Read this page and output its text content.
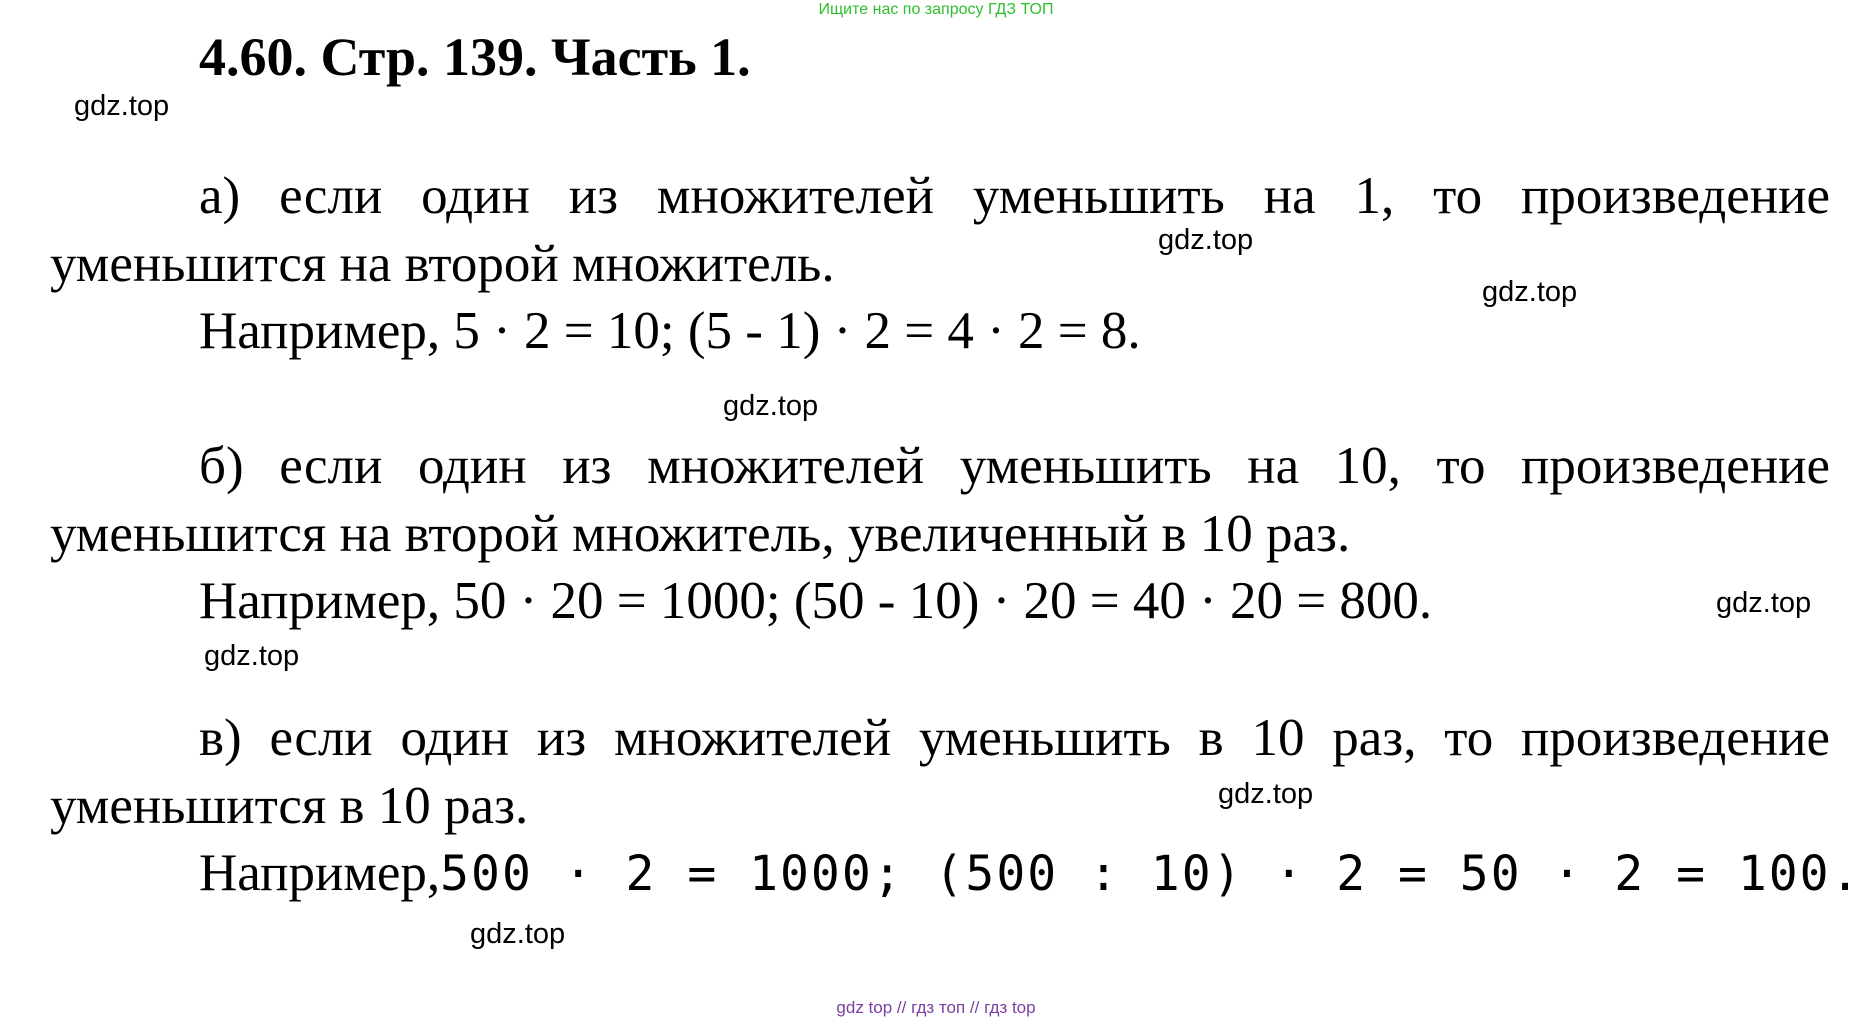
Ищите нас по запросу ГДЗ ТОП
4.60. Стр. 139. Часть 1.
gdz.top
а) если один из множителей уменьшить на 1, то произведение
уменьшится на второй множитель.	gdz.top
gdz.top
Например, 5 · 2 = 10; (5 - 1) · 2 = 4 · 2 = 8.
gdz.top
б) если один из множителей уменьшить на 10, то произведение
уменьшится на второй множитель, увеличенный в 10 раз.
Например, 50 · 20 = 1000; (50 - 10) · 20 = 40 · 20 = 800.	gdz.top
gdz.top
в) если один из множителей уменьшить в 10 раз, то произведение
уменьшится в 10 раз.	gdz.top
Например,500 · 2 = 1000; (500 : 10) · 2 = 50 · 2 = 100.
gdz.top
gdz top // гдз топ // гдз top
